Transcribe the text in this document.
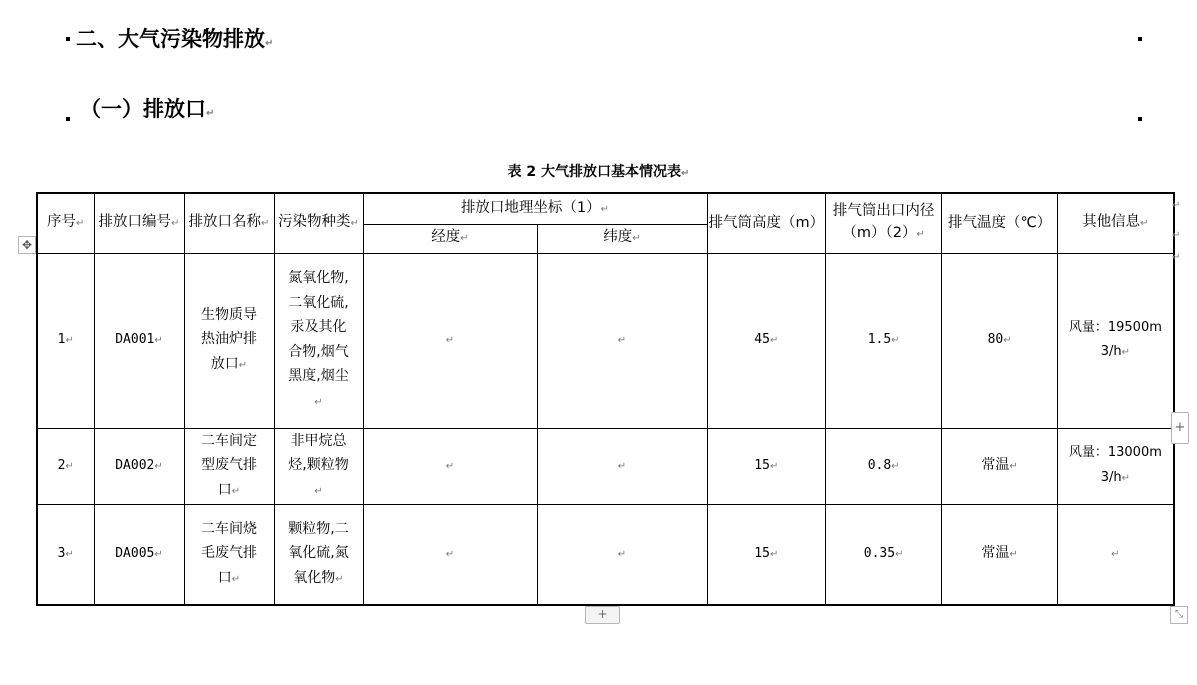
二、大气污染物排放↵
（一）排放口↵
表 2 大气排放口基本情况表↵
✥
序号↵	排放口编号↵	排放口名称↵	污染物种类↵	排放口地理坐标（1）↵		排气筒高度（m）	排气筒出口内径（m）（2）↵	排气温度（℃）	其他信息↵
				经度↵	纬度↵				
1↵	DA001↵	生物质导热油炉排放口↵	氮氧化物,二氧化硫,汞及其化合物,烟气黑度,烟尘↵	↵	↵	45↵	1.5↵	80↵	风量：19500m3/h↵
2↵	DA002↵	二车间定型废气排口↵	非甲烷总烃,颗粒物↵	↵	↵	15↵	0.8↵	常温↵	风量：13000m3/h↵
3↵	DA005↵	二车间烧毛废气排口↵	颗粒物,二氧化硫,氮氧化物↵	↵	↵	15↵	0.35↵	常温↵	↵
↵
↵
↵
+
+	⤡
